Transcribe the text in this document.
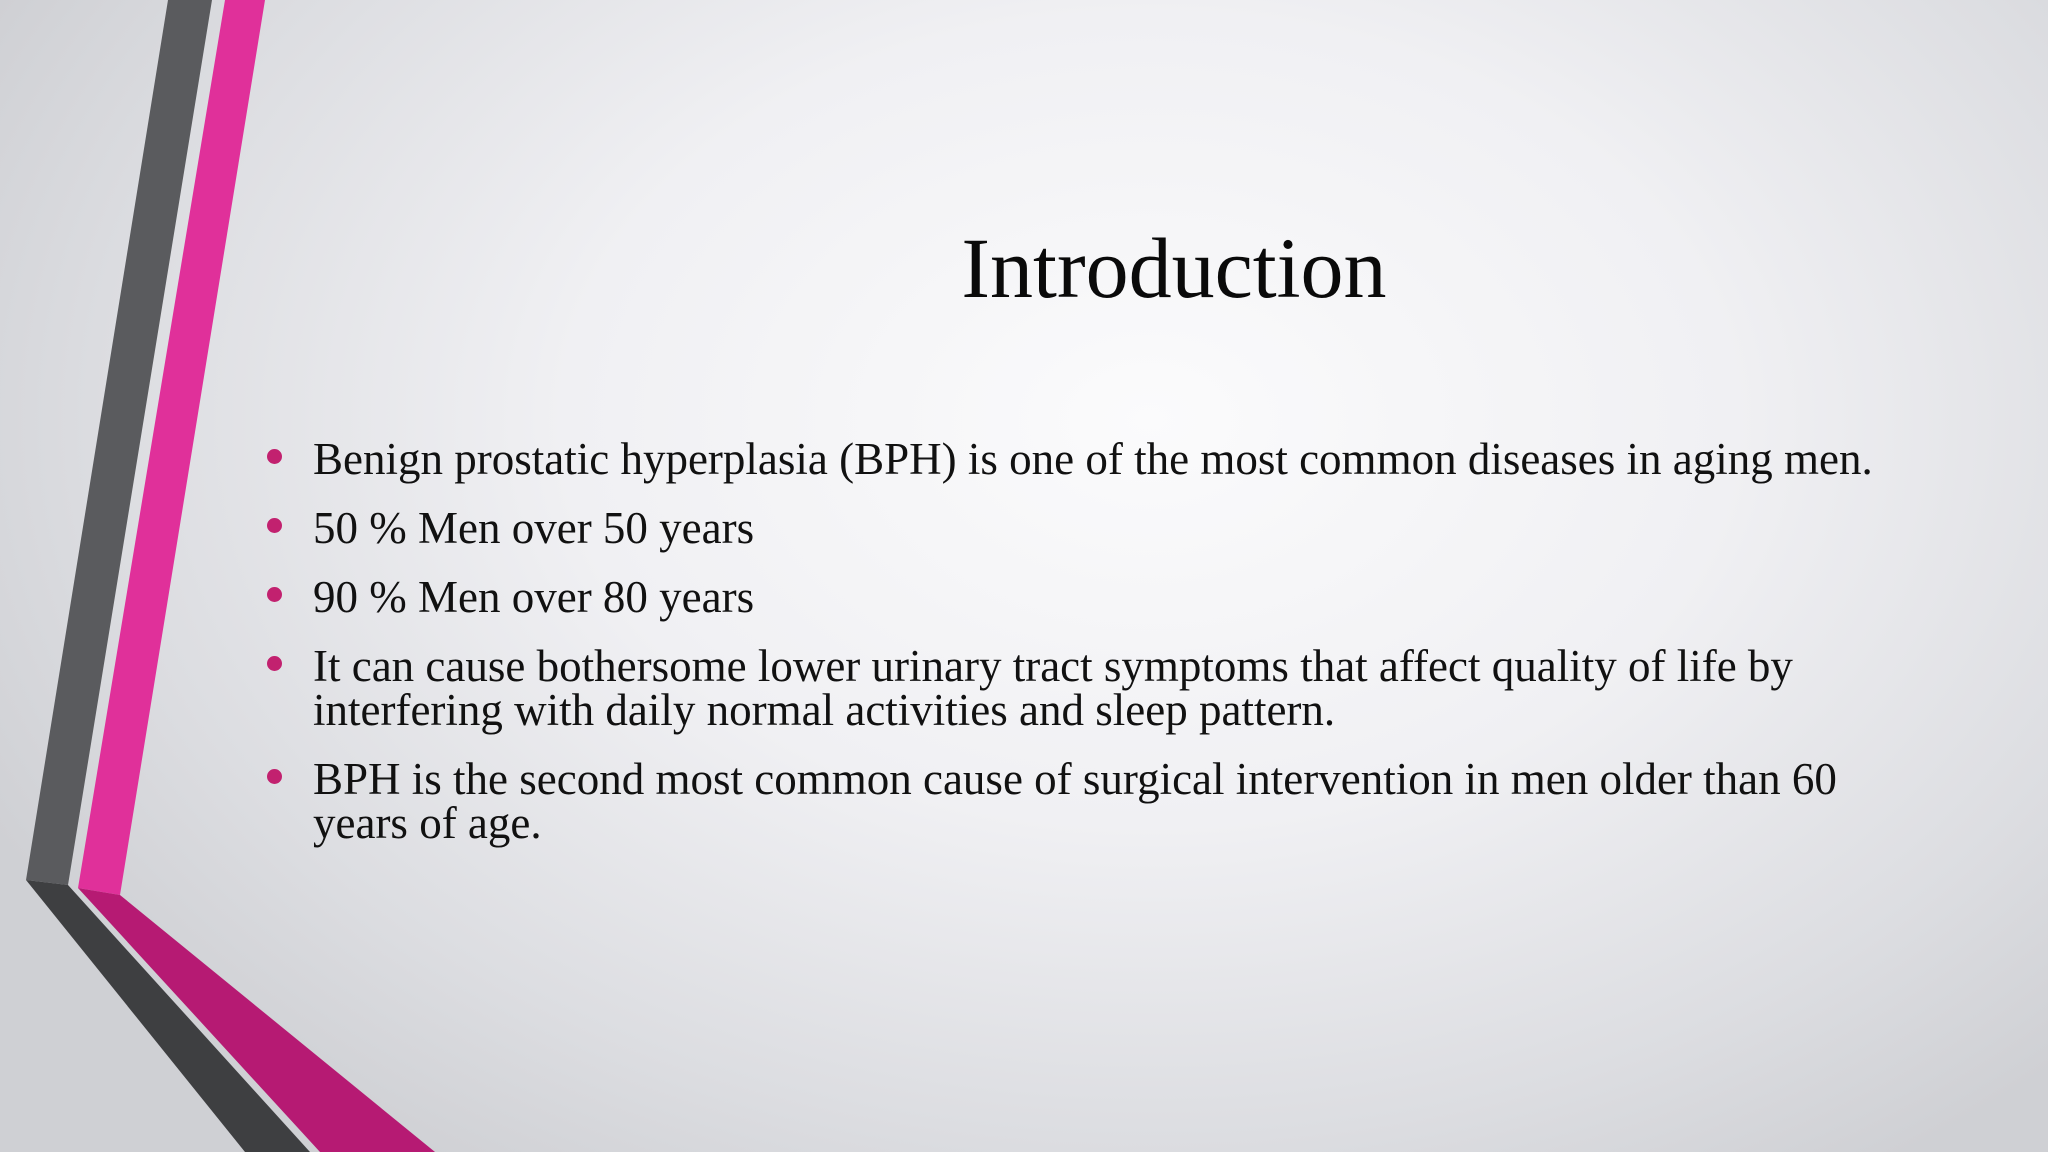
Introduction
Benign prostatic hyperplasia (BPH) is one of the most common diseases in aging men.
50 % Men over 50 years
90 % Men over 80 years
It can cause bothersome lower urinary tract symptoms that affect quality of life by interfering with daily normal activities and sleep pattern.
BPH is the second most common cause of surgical intervention in men older than 60 years of age.
